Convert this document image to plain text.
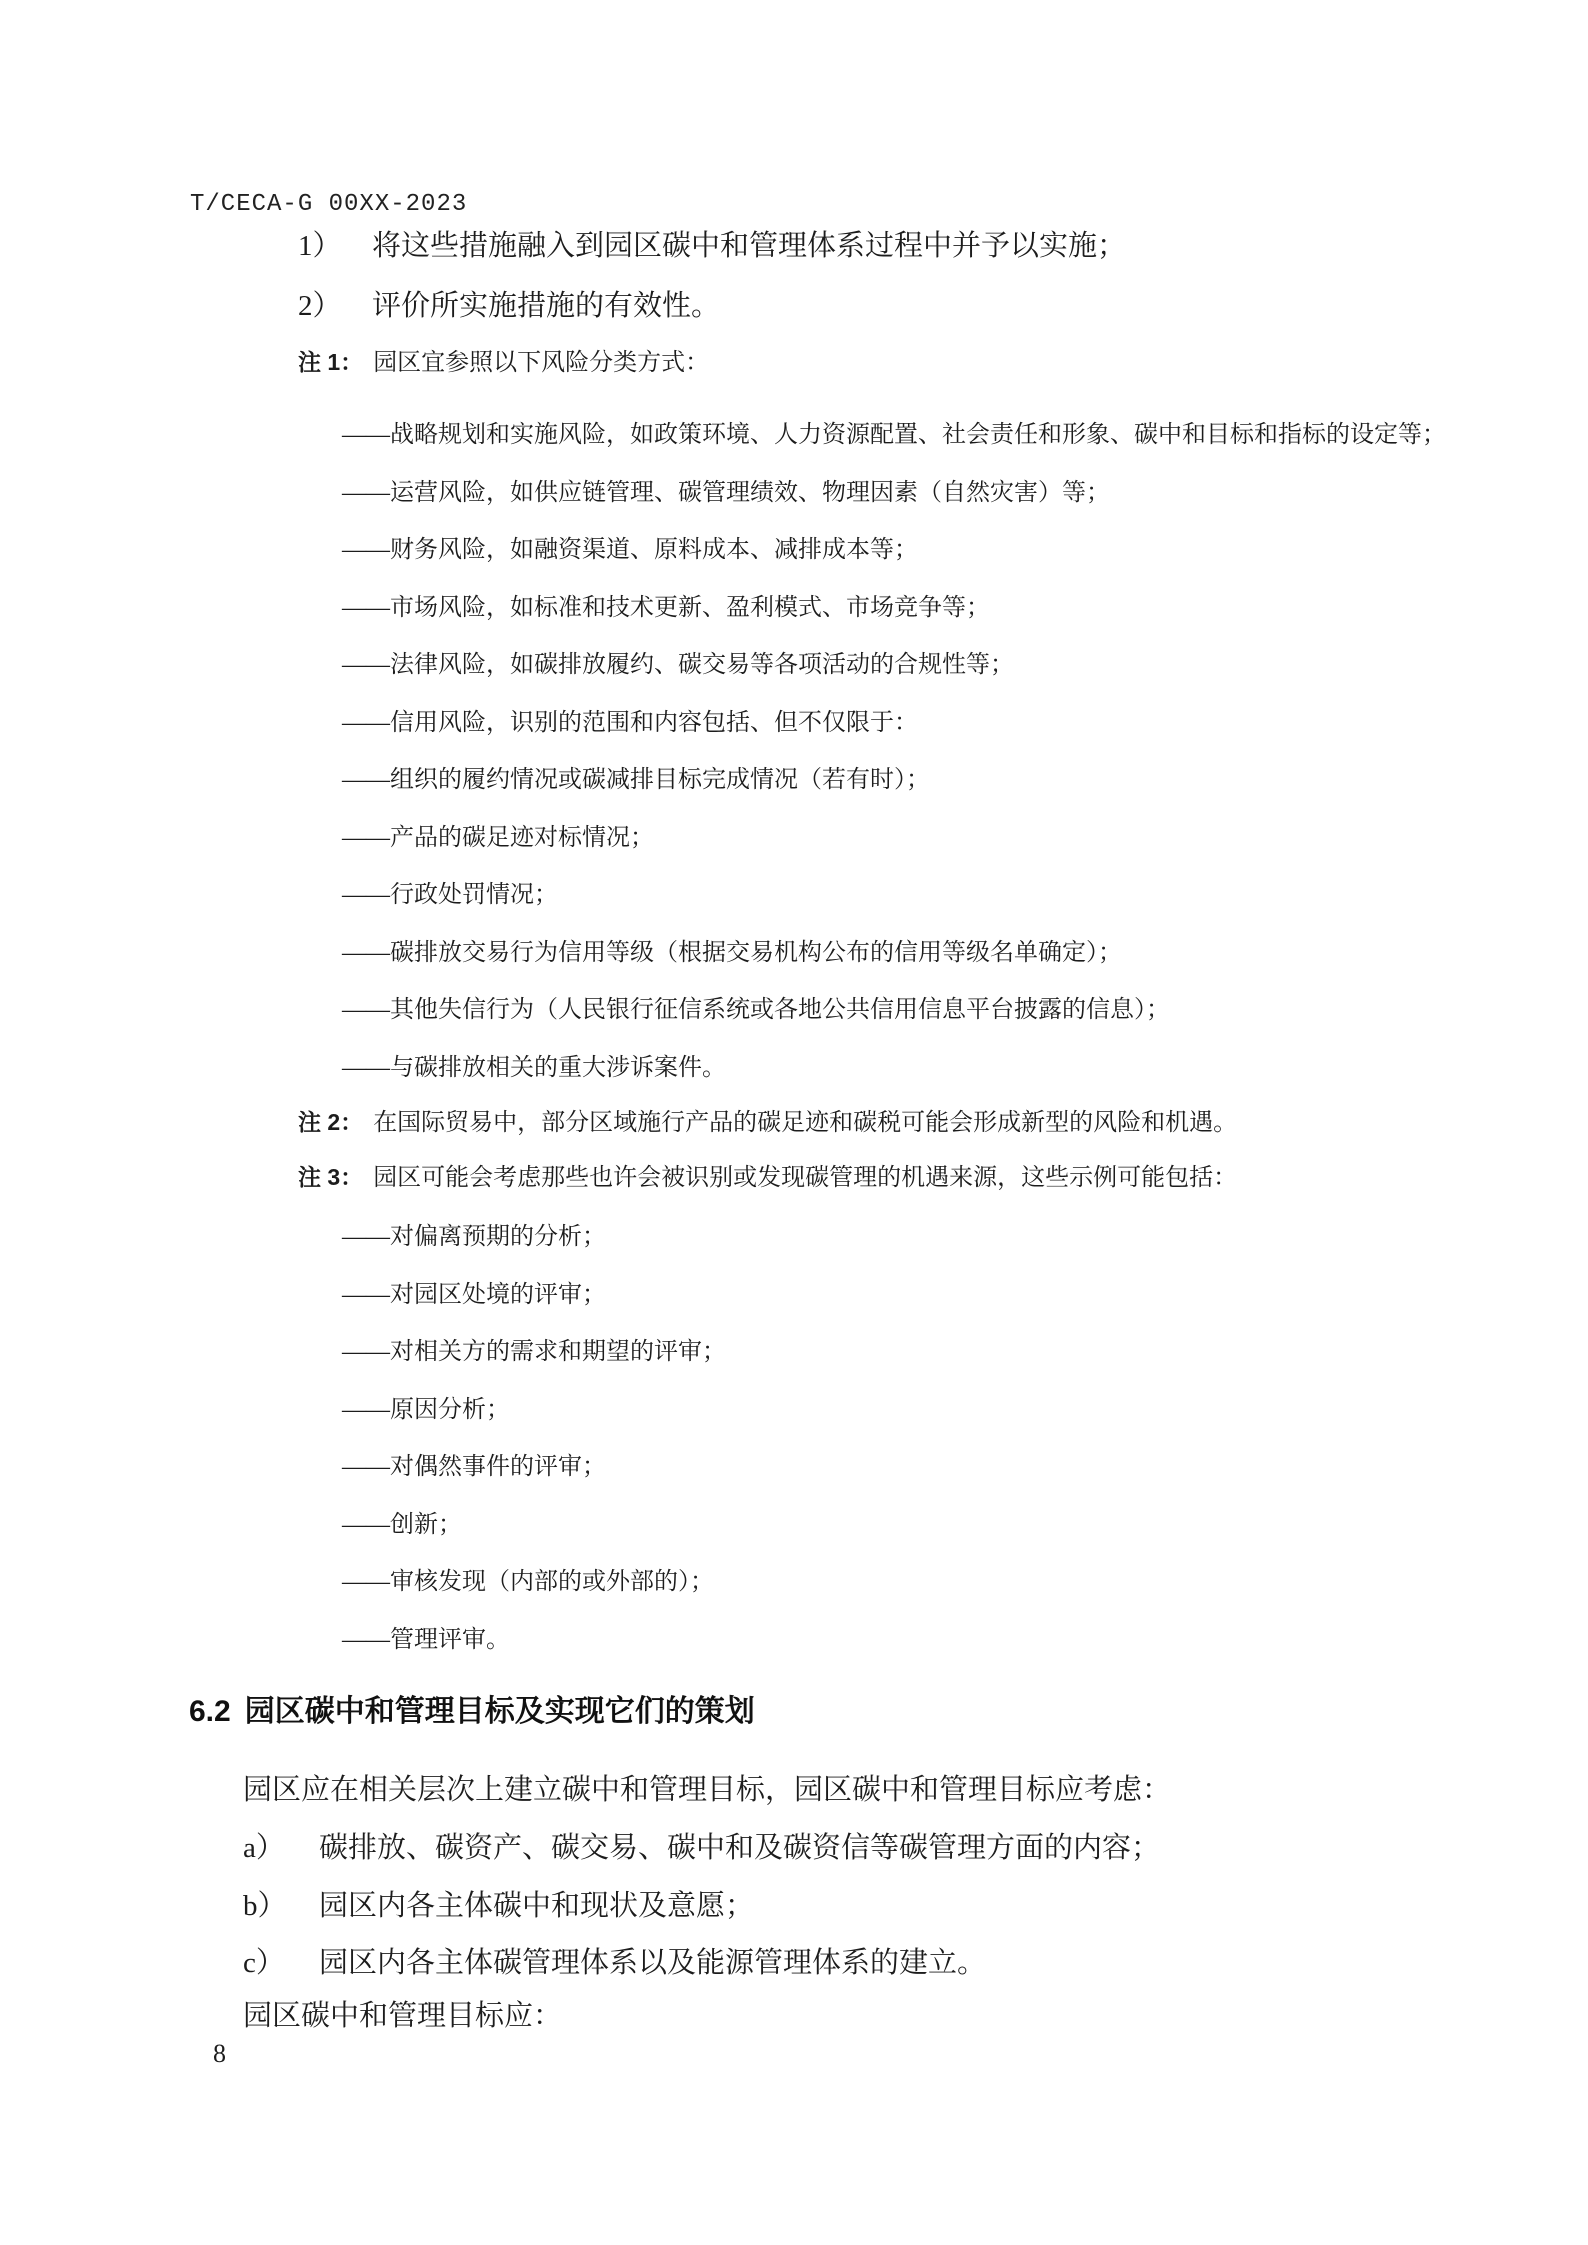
T/CECA-G 00XX-2023
1） 将这些措施融入到园区碳中和管理体系过程中并予以实施；
2） 评价所实施措施的有效性。
注 1： 园区宜参照以下风险分类方式：
——战略规划和实施风险，如政策环境、人力资源配置、社会责任和形象、碳中和目标和指标的设定等；
——运营风险，如供应链管理、碳管理绩效、物理因素（自然灾害）等；
——财务风险，如融资渠道、原料成本、减排成本等；
——市场风险，如标准和技术更新、盈利模式、市场竞争等；
——法律风险，如碳排放履约、碳交易等各项活动的合规性等；
——信用风险，识别的范围和内容包括、但不仅限于：
——组织的履约情况或碳减排目标完成情况（若有时）；
——产品的碳足迹对标情况；
——行政处罚情况；
——碳排放交易行为信用等级（根据交易机构公布的信用等级名单确定）；
——其他失信行为（人民银行征信系统或各地公共信用信息平台披露的信息）；
——与碳排放相关的重大涉诉案件。
注 2： 在国际贸易中，部分区域施行产品的碳足迹和碳税可能会形成新型的风险和机遇。
注 3： 园区可能会考虑那些也许会被识别或发现碳管理的机遇来源，这些示例可能包括：
——对偏离预期的分析；
——对园区处境的评审；
——对相关方的需求和期望的评审；
——原因分析；
——对偶然事件的评审；
——创新；
——审核发现（内部的或外部的）；
——管理评审。
6.2 园区碳中和管理目标及实现它们的策划
园区应在相关层次上建立碳中和管理目标，园区碳中和管理目标应考虑：
a） 碳排放、碳资产、碳交易、碳中和及碳资信等碳管理方面的内容；
b） 园区内各主体碳中和现状及意愿；
c） 园区内各主体碳管理体系以及能源管理体系的建立。
园区碳中和管理目标应：
8
